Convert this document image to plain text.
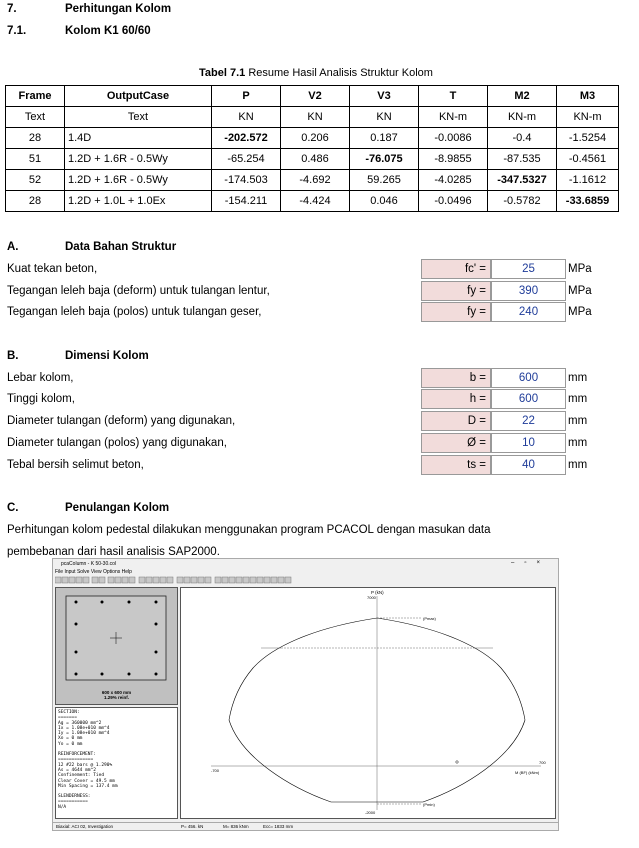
7.	Perhitungan Kolom
7.1.	Kolom K1 60/60
Tabel 7.1 Resume Hasil Analisis Struktur Kolom
Frame	OutputCase	P	V2	V3	T	M2	M3
Text	Text	KN	KN	KN	KN-m	KN-m	KN-m
28	1.4D	-202.572	0.206	0.187	-0.0086	-0.4	-1.5254
51	1.2D + 1.6R - 0.5Wy	-65.254	0.486	-76.075	-8.9855	-87.535	-0.4561
52	1.2D + 1.6R - 0.5Wy	-174.503	-4.692	59.265	-4.0285	-347.5327	-1.1612
28	1.2D + 1.0L + 1.0Ex	-154.211	-4.424	0.046	-0.0496	-0.5782	-33.6859
A.	Data Bahan Struktur
Kuat tekan beton,	fc' =	25	MPa
Tegangan leleh baja (deform) untuk tulangan lentur,	fy =	390	MPa
Tegangan leleh baja (polos) untuk tulangan geser,	fy =	240	MPa
B.	Dimensi Kolom
Lebar kolom,	b =	600	mm
Tinggi kolom,	h =	600	mm
Diameter tulangan (deform) yang digunakan,	D =	22	mm
Diameter tulangan (polos) yang digunakan,	Ø =	10	mm
Tebal bersih selimut beton,	ts =	40	mm
C.	Penulangan Kolom
Perhitungan kolom pedestal dilakukan menggunakan program PCACOL dengan masukan data
pembebanan dari hasil analisis SAP2000.
pcaColumn - K 50-30.col	–▫×
File Input Solve View Options Help
600 x 600 mm
1.29% reinf.
SECTION:
=======
Ag = 360000 mm^2
Ix = 1.08e+010 mm^4
Iy = 1.08e+010 mm^4
Xo = 0 mm
Yo = 0 mm
REINFORCEMENT:
=============
12 #22 bars @ 1.290%
As = 4644 mm^2
Confinement: Tied
Clear Cover = 49.5 mm
Min Spacing = 137.4 mm
SLENDERNESS:
===========
N/A
P (kN)
7000
(Pmax)
(Pmin)
-2000
-700
700
M (BF) (kNm)
Biaxial: ACI 02, Investigation	P= 456. kN	M= 836 kNm	Ecc= 1833 mm
